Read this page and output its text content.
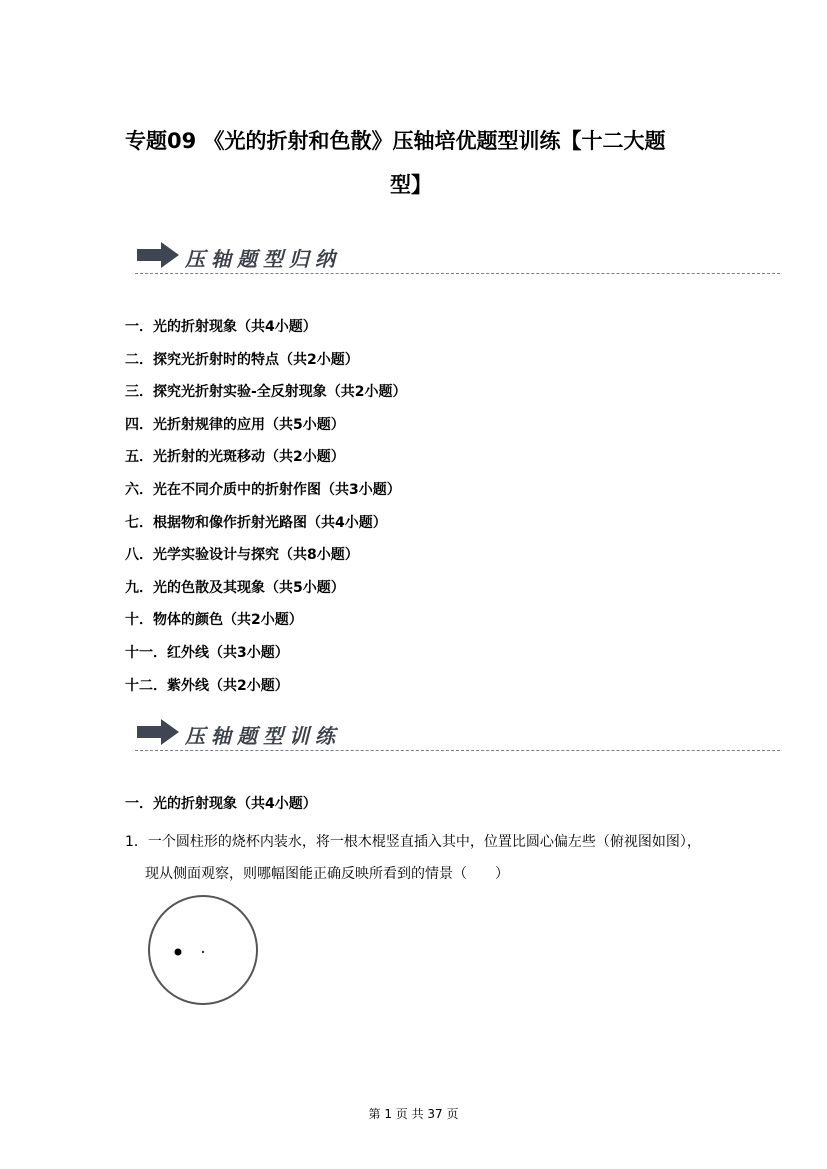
专题09 《光的折射和色散》压轴培优题型训练【十二大题
型】
压轴题型归纳
一．光的折射现象（共4小题）
二．探究光折射时的特点（共2小题）
三．探究光折射实验-全反射现象（共2小题）
四．光折射规律的应用（共5小题）
五．光折射的光斑移动（共2小题）
六．光在不同介质中的折射作图（共3小题）
七．根据物和像作折射光路图（共4小题）
八．光学实验设计与探究（共8小题）
九．光的色散及其现象（共5小题）
十．物体的颜色（共2小题）
十一．红外线（共3小题）
十二．紫外线（共2小题）
压轴题型训练
一．光的折射现象（共4小题）
1．一个圆柱形的烧杯内装水，将一根木棍竖直插入其中，位置比圆心偏左些（俯视图如图），
现从侧面观察，则哪幅图能正确反映所看到的情景（　　）
第 1 页 共 37 页
